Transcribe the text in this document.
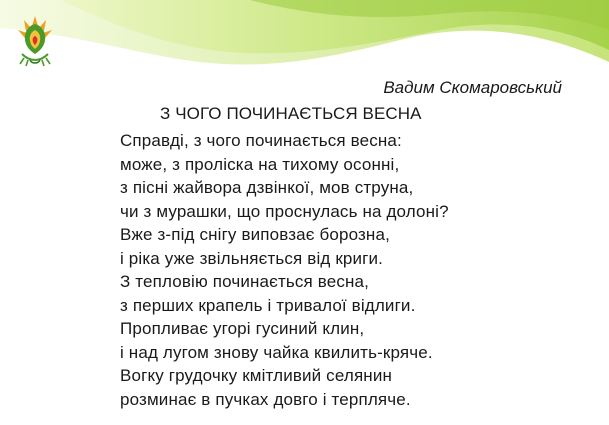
Вадим Скомаровський

З ЧОГО ПОЧИНАЄТЬСЯ ВЕСНА
Справді, з чого починається весна:
може, з проліска на тихому осонні,
з пісні жайвора дзвінкої, мов струна,
чи з мурашки, що проснулась на долоні?
Вже з-під снігу виповзає борозна,
і ріка уже звільняється від криги.
З тепловію починається весна,
з перших крапель і тривалої відлиги.
Пропливає угорі гусиний клин,
і над лугом знову чайка квилить-кряче.
Вогку грудочку кмітливий селянин
розминає в пучках довго і терпляче.
